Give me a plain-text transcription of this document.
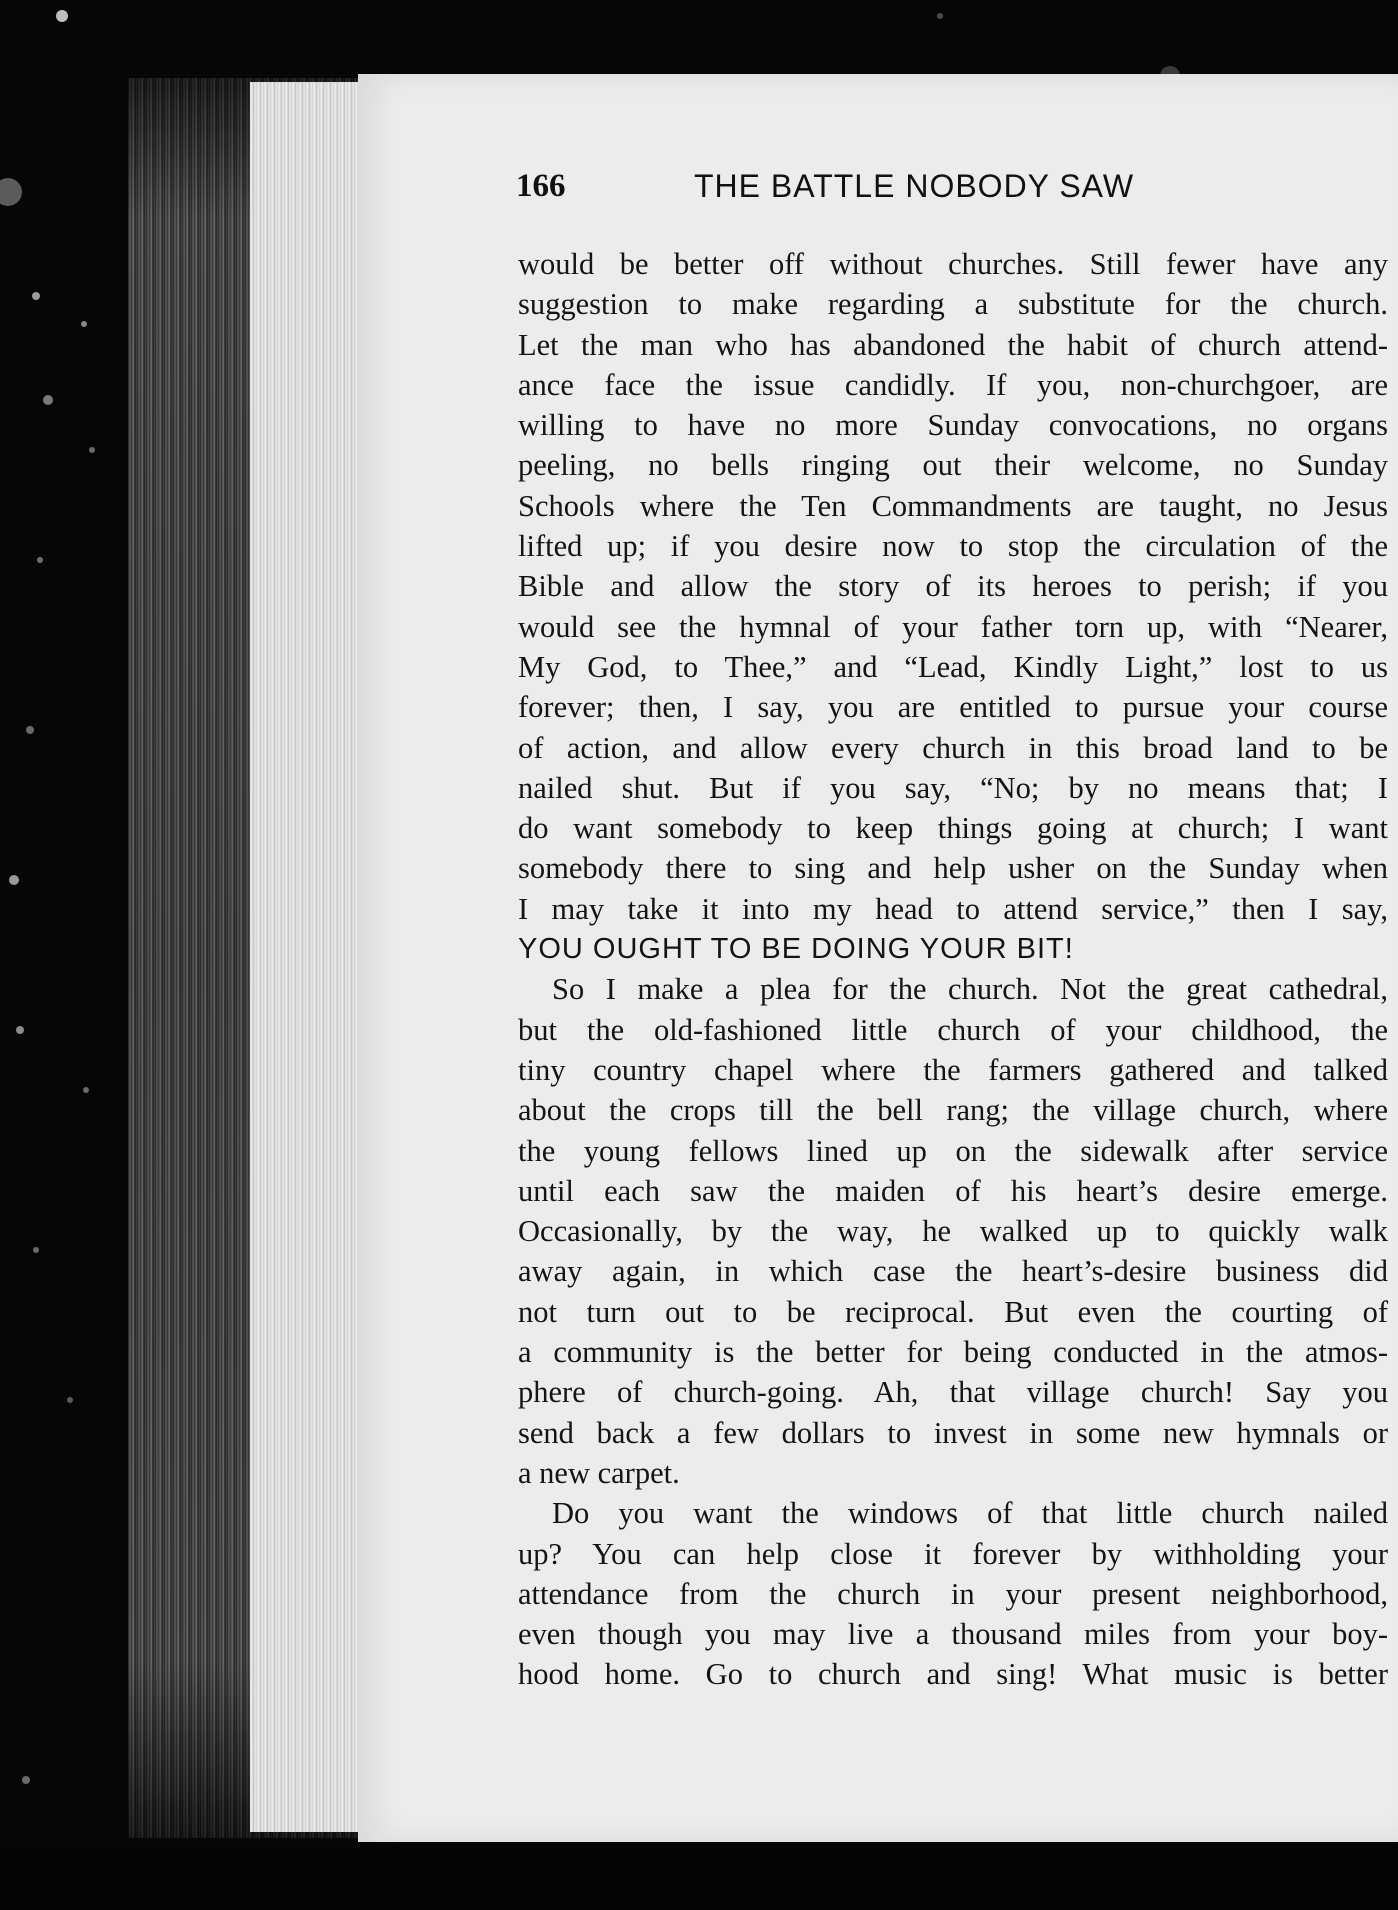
166	THE BATTLE NOBODY SAW
would be better off without churches. Still fewer have any
suggestion to make regarding a substitute for the church.
Let the man who has abandoned the habit of church attend-
ance face the issue candidly. If you, non-churchgoer, are
willing to have no more Sunday convocations, no organs
peeling, no bells ringing out their welcome, no Sunday
Schools where the Ten Commandments are taught, no Jesus
lifted up; if you desire now to stop the circulation of the
Bible and allow the story of its heroes to perish; if you
would see the hymnal of your father torn up, with “Nearer,
My God, to Thee,” and “Lead, Kindly Light,” lost to us
forever; then, I say, you are entitled to pursue your course
of action, and allow every church in this broad land to be
nailed shut. But if you say, “No; by no means that; I
do want somebody to keep things going at church; I want
somebody there to sing and help usher on the Sunday when
I may take it into my head to attend service,” then I say,
YOU OUGHT TO BE DOING YOUR BIT!
So I make a plea for the church. Not the great cathedral,
but the old-fashioned little church of your childhood, the
tiny country chapel where the farmers gathered and talked
about the crops till the bell rang; the village church, where
the young fellows lined up on the sidewalk after service
until each saw the maiden of his heart’s desire emerge.
Occasionally, by the way, he walked up to quickly walk
away again, in which case the heart’s-desire business did
not turn out to be reciprocal. But even the courting of
a community is the better for being conducted in the atmos-
phere of church-going. Ah, that village church! Say you
send back a few dollars to invest in some new hymnals or
a new carpet.
Do you want the windows of that little church nailed
up? You can help close it forever by withholding your
attendance from the church in your present neighborhood,
even though you may live a thousand miles from your boy-
hood home. Go to church and sing! What music is better
